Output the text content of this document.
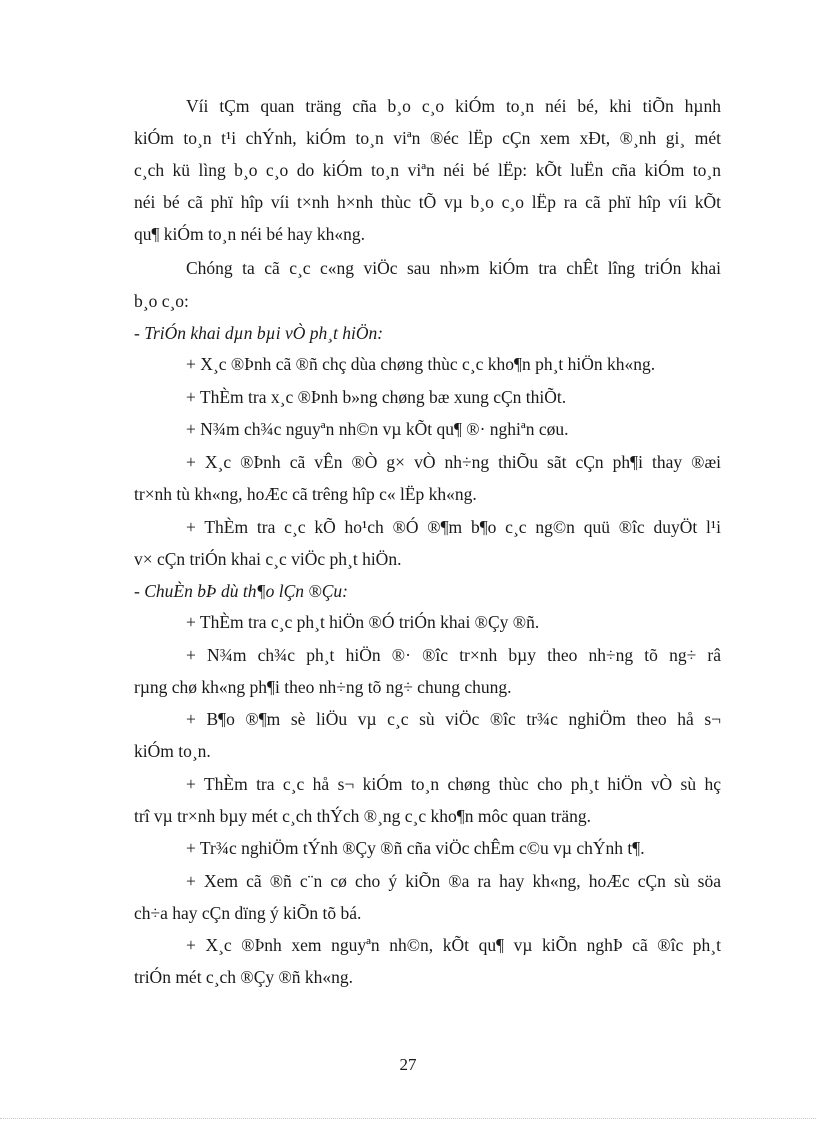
Víi tÇm quan träng cña b¸o c¸o kiÓm to¸n néi bé, khi tiÕn hµnh
kiÓm to¸n t¹i chÝnh, kiÓm to¸n viªn ®éc lËp cÇn xem xÐt, ®¸nh gi¸ mét
c¸ch kü lìng b¸o c¸o do kiÓm to¸n viªn néi bé lËp: kÕt luËn cña kiÓm to¸n
néi bé cã phï hîp víi t×nh h×nh thùc tÕ vµ b¸o c¸o lËp ra cã phï hîp víi kÕt
qu¶ kiÓm to¸n néi bé hay kh«ng.
Chóng ta cã c¸c c«ng viÖc sau nh»m kiÓm tra chÊt lîng triÓn khai
b¸o c¸o:
- TriÓn khai dµn bµi vÒ ph¸t hiÖn:
+ X¸c ®Þnh cã ®ñ chç dùa chøng thùc c¸c kho¶n ph¸t hiÖn kh«ng.
+ ThÈm tra x¸c ®Þnh b»ng chøng bæ xung cÇn thiÕt.
+ N¾m ch¾c nguyªn nh©n vµ kÕt qu¶ ®· nghiªn cøu.
+ X¸c ®Þnh cã vÊn ®Ò g× vÒ nh÷ng thiÕu sãt cÇn ph¶i thay ®æi
tr×nh tù kh«ng, hoÆc cã trêng hîp c« lËp kh«ng.
+ ThÈm tra c¸c kÕ ho¹ch ®Ó ®¶m b¶o c¸c ng©n quü ®îc duyÖt l¹i
v× cÇn triÓn khai c¸c viÖc ph¸t hiÖn.
- ChuÈn bÞ dù th¶o lÇn ®Çu:
+ ThÈm tra c¸c ph¸t hiÖn ®Ó triÓn khai ®Çy ®ñ.
+ N¾m ch¾c ph¸t hiÖn ®· ®îc tr×nh bµy theo nh÷ng tõ ng÷ râ
rµng chø kh«ng ph¶i theo nh÷ng tõ ng÷ chung chung.
+ B¶o ®¶m sè liÖu vµ c¸c sù viÖc ®îc tr¾c nghiÖm theo hå s¬
kiÓm to¸n.
+ ThÈm tra c¸c hå s¬ kiÓm to¸n chøng thùc cho ph¸t hiÖn vÒ sù hç
trî vµ tr×nh bµy mét c¸ch thÝch ®¸ng c¸c kho¶n môc quan träng.
+ Tr¾c nghiÖm tÝnh ®Çy ®ñ cña viÖc chÊm c©u vµ chÝnh t¶.
+ Xem cã ®ñ c¨n cø cho ý kiÕn ®a ra hay kh«ng, hoÆc cÇn sù söa
ch÷a hay cÇn dïng ý kiÕn tõ bá.
+ X¸c ®Þnh xem nguyªn nh©n, kÕt qu¶ vµ kiÕn nghÞ cã ®îc ph¸t
triÓn mét c¸ch ®Çy ®ñ kh«ng.
27
